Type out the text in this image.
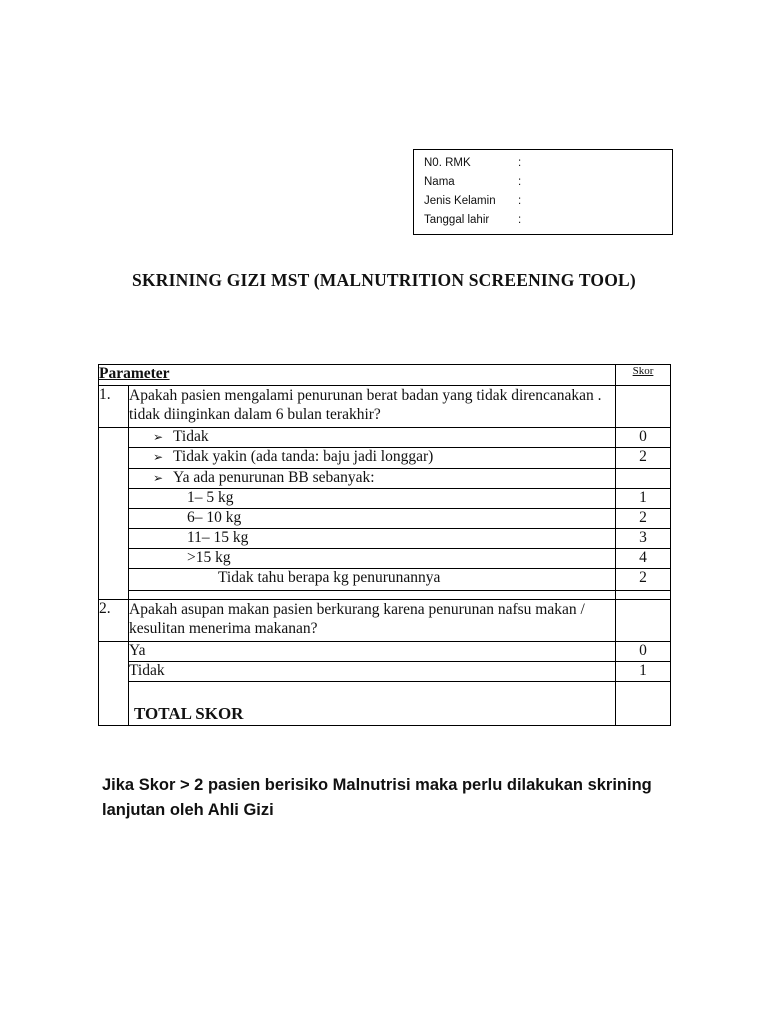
N0. RMK	:
Nama	:
Jenis Kelamin	:
Tanggal lahir	:
SKRINING GIZI MST (MALNUTRITION SCREENING TOOL)
Parameter		Skor
1.	Apakah pasien mengalami penurunan berat badan yang tidak direncanakan . tidak diinginkan dalam 6 bulan terakhir?	
	➢ Tidak	0
	➢ Tidak yakin (ada tanda: baju jadi longgar)	2
	➢ Ya ada penurunan BB sebanyak:	
	1– 5 kg	1
	6– 10 kg	2
	11– 15 kg	3
	>15 kg	4
	Tidak tahu berapa kg penurunannya	2

2.	Apakah asupan makan pasien berkurang karena penurunan nafsu makan / kesulitan menerima makanan?	
	Ya	0
	Tidak	1
	TOTAL SKOR	
Jika Skor > 2 pasien berisiko Malnutrisi maka perlu dilakukan skrining lanjutan oleh Ahli Gizi
